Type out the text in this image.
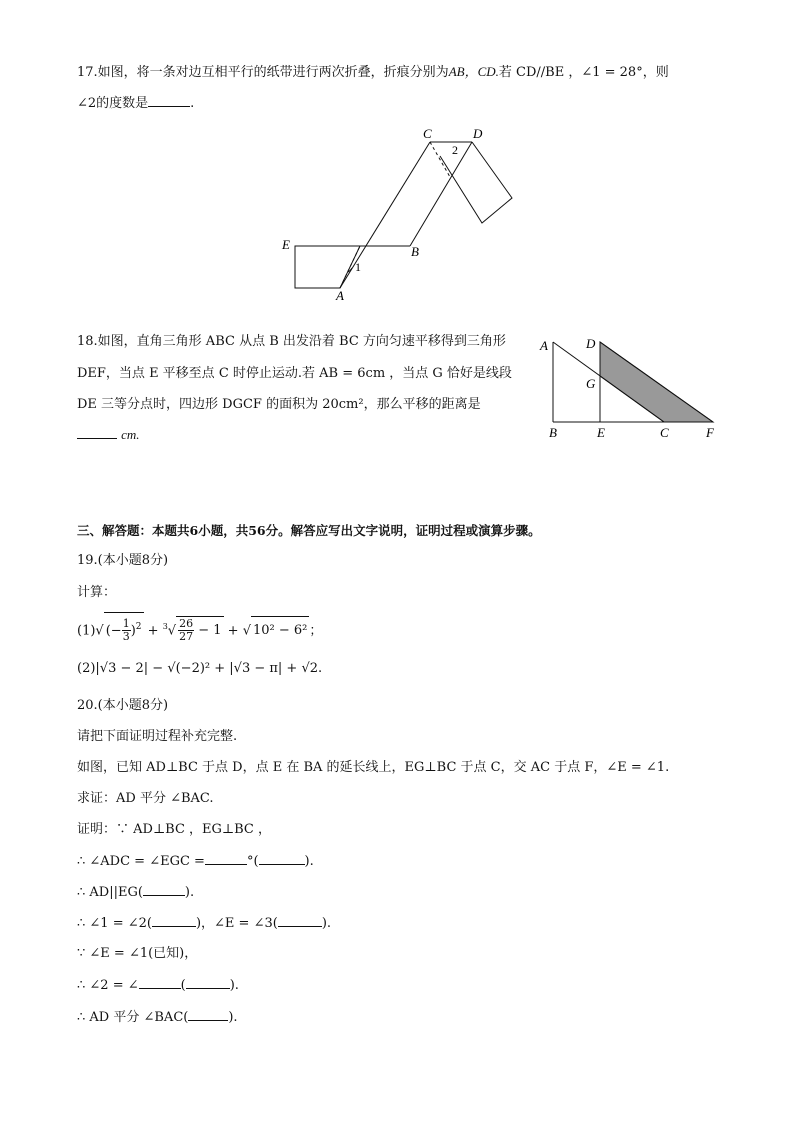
17.如图，将一条对边互相平行的纸带进行两次折叠，折痕分别为AB，CD.若 CD//BE ，∠1 = 28°，则
∠2的度数是	.
C	D
E	B
A
1
2
18.如图，直角三角形 ABC 从点 B 出发沿着 BC 方向匀速平移得到三角形
DEF，当点 E 平移至点 C 时停止运动.若 AB = 6cm ，当点 G 恰好是线段
DE 三等分点时，四边形 DGCF 的面积为 20cm²，那么平移的距离是
cm.
A	D
G
B	E	C	F
三、解答题：本题共6小题，共56分。解答应写出文字说明，证明过程或演算步骤。
19.(本小题8分)
计算：
(1)√ (− $\frac{1}{3} )^2 + ^3√ \frac{26}{27} - 1$ + √ 10² − 6² ；
(2)|√3 − 2| − √(−2)² + |√3 − π| + √2.
20.(本小题8分)
请把下面证明过程补充完整.
如图，已知 AD⊥BC 于点 D，点 E 在 BA 的延长线上，EG⊥BC 于点 C，交 AC 于点 F，∠E = ∠1.
求证：AD 平分 ∠BAC.
证明：∵ AD⊥BC ，EG⊥BC ，
∴ ∠ADC = ∠EGC =	°(	).
∴ AD||EG(	).
∴ ∠1 = ∠2(	)，∠E = ∠3(	).
∵ ∠E = ∠1(已知)，
∴ ∠2 = ∠	(	).
∴ AD 平分 ∠BAC(	).
